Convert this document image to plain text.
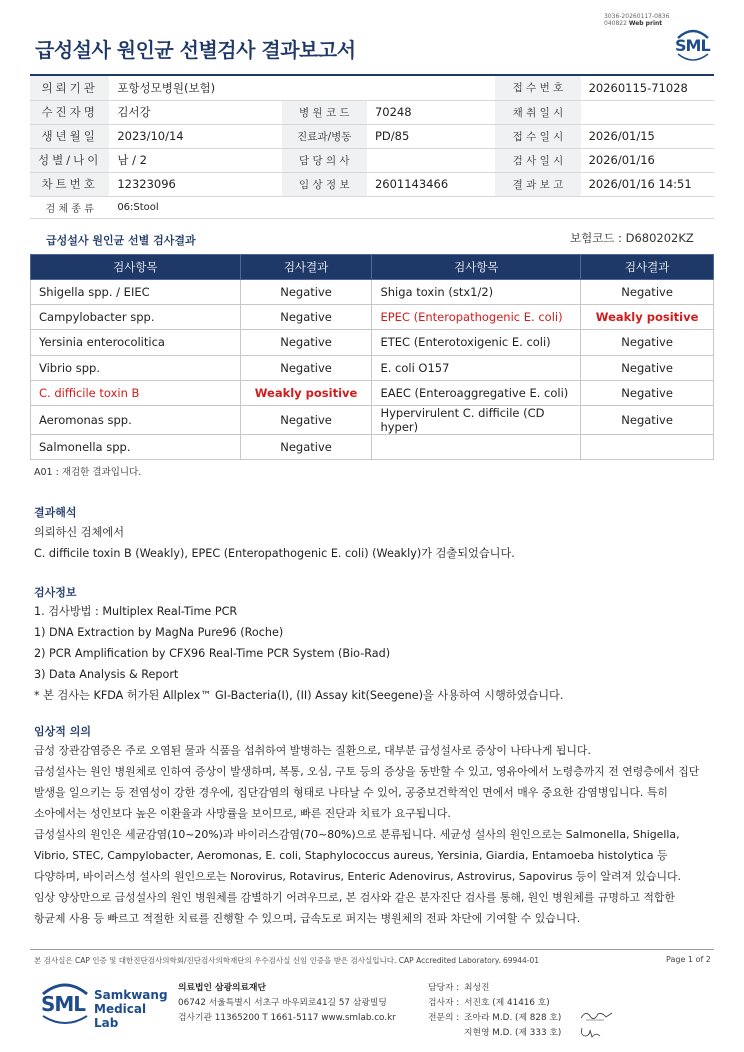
3036-20260117-0836
040822 Web print
급성설사 원인균 선별검사 결과보고서	SML
의뢰기관	포항성모병원(보험)			접 수 번 호	20260115-71028
수진자명	김서강	병 원 코 드	70248	채 취 일 시	
생년월일	2023/10/14	진료과/병동	PD/85	접 수 일 시	2026/01/15
성별/나이	남 / 2	담 당 의 사		검 사 일 시	2026/01/16
차트번호	12323096	임 상 정 보	2601143466	결 과 보 고	2026/01/16 14:51
검 체 종 류	06:Stool				
급성설사 원인균 선별 검사결과	보험코드 : D680202KZ
검사항목	검사결과	검사항목	검사결과
Shigella spp. / EIEC	Negative	Shiga toxin (stx1/2)	Negative
Campylobacter spp.	Negative	EPEC (Enteropathogenic E. coli)	Weakly positive
Yersinia enterocolitica	Negative	ETEC (Enterotoxigenic E. coli)	Negative
Vibrio spp.	Negative	E. coli O157	Negative
C. difficile toxin B	Weakly positive	EAEC (Enteroaggregative E. coli)	Negative
Aeromonas spp.	Negative	Hypervirulent C. difficile (CD hyper)	Negative
Salmonella spp.	Negative		
A01 : 재검한 결과입니다.
결과해석
의뢰하신 검체에서
C. difficile toxin B (Weakly), EPEC (Enteropathogenic E. coli) (Weakly)가 검출되었습니다.
검사정보
1. 검사방법 : Multiplex Real-Time PCR
1) DNA Extraction by MagNa Pure96 (Roche)
2) PCR Amplification by CFX96 Real-Time PCR System (Bio-Rad)
3) Data Analysis & Report
* 본 검사는 KFDA 허가된 Allplex™ GI-Bacteria(I), (II) Assay kit(Seegene)을 사용하여 시행하였습니다.
임상적 의의
급성 장관감염증은 주로 오염된 물과 식품을 섭취하여 발병하는 질환으로, 대부분 급성설사로 증상이 나타나게 됩니다.
급성설사는 원인 병원체로 인하여 증상이 발생하며, 복통, 오심, 구토 등의 증상을 동반할 수 있고, 영유아에서 노령층까지 전 연령층에서 집단
발생을 일으키는 등 전염성이 강한 경우에, 집단감염의 형태로 나타날 수 있어, 공중보건학적인 면에서 매우 중요한 감염병입니다. 특히
소아에서는 성인보다 높은 이환율과 사망률을 보이므로, 빠른 진단과 치료가 요구됩니다.
급성설사의 원인은 세균감염(10~20%)과 바이러스감염(70~80%)으로 분류됩니다. 세균성 설사의 원인으로는 Salmonella, Shigella,
Vibrio, STEC, Campylobacter, Aeromonas, E. coli, Staphylococcus aureus, Yersinia, Giardia, Entamoeba histolytica 등
다양하며, 바이러스성 설사의 원인으로는 Norovirus, Rotavirus, Enteric Adenovirus, Astrovirus, Sapovirus 등이 알려져 있습니다.
임상 양상만으로 급성설사의 원인 병원체를 감별하기 어려우므로, 본 검사와 같은 분자진단 검사를 통해, 원인 병원체를 규명하고 적합한
항균제 사용 등 빠르고 적절한 치료를 진행할 수 있으며, 급속도로 퍼지는 병원체의 전파 차단에 기여할 수 있습니다.
본 검사실은 CAP 인증 및 대한진단검사의학회/진단검사의학재단의 우수검사실 신임 인증을 받은 검사실입니다. CAP Accredited Laboratory. 69944-01	Page 1 of 2
SML Samkwang
Medical Lab
의료법인 삼광의료재단
06742 서울특별시 서초구 바우뫼로41길 57 삼광빌딩
검사기관 11365200 T 1661-5117 www.smlab.co.kr
담당자 : 최성진
검사자 : 서진호 (제 41416 호)
전문의 : 조아라 M.D. (제 828 호)
지현영 M.D. (제 333 호)
